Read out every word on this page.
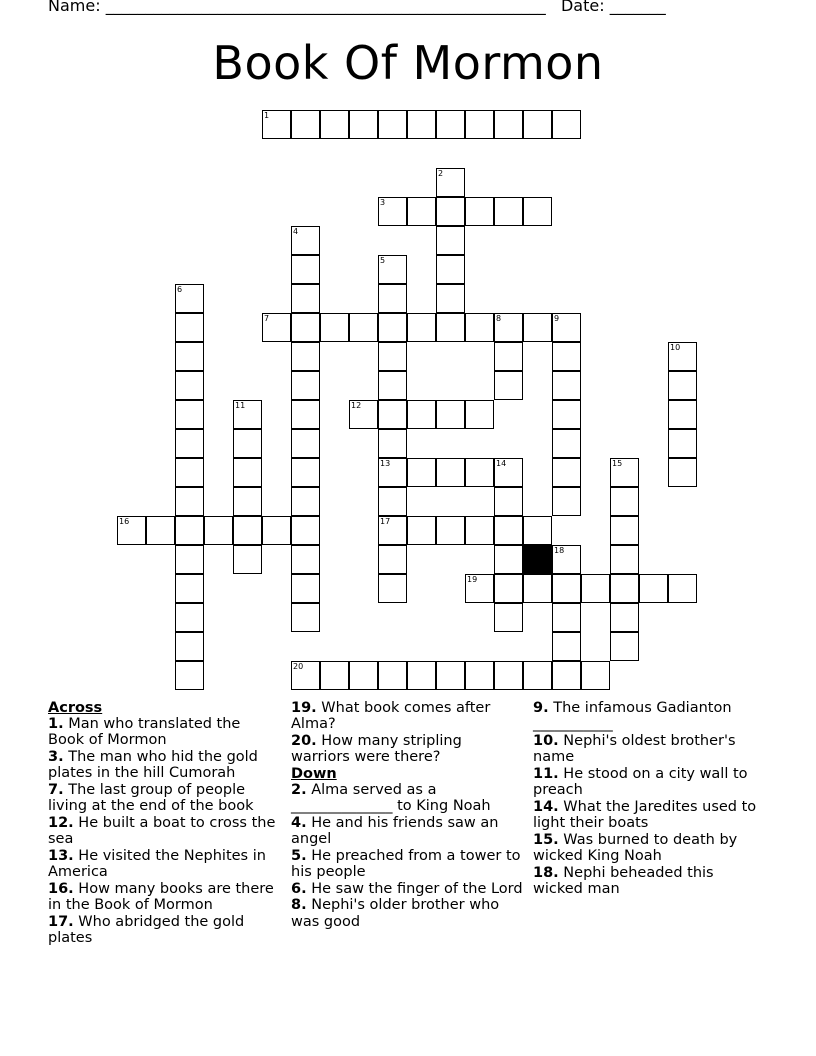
Name: _______________________________________________________ Date: _______
Book Of Mormon
1
2
3
4
5
13
17
6
7	8	9
10
11	12
14	15
16
18
19
20
Across
1. Man who translated the Book of Mormon
3. The man who hid the gold plates in the hill Cumorah
7. The last group of people living at the end of the book
12. He built a boat to cross the sea
13. He visited the Nephites in America
16. How many books are there in the Book of Mormon
17. Who abridged the gold plates
19. What book comes after Alma?
20. How many stripling warriors were there?
Down
2. Alma served as a ______________ to King Noah
4. He and his friends saw an angel
5. He preached from a tower to his people
6. He saw the finger of the Lord
8. Nephi's older brother who was good
9. The infamous Gadianton ___________
10. Nephi's oldest brother's name
11. He stood on a city wall to preach
14. What the Jaredites used to light their boats
15. Was burned to death by wicked King Noah
18. Nephi beheaded this wicked man
